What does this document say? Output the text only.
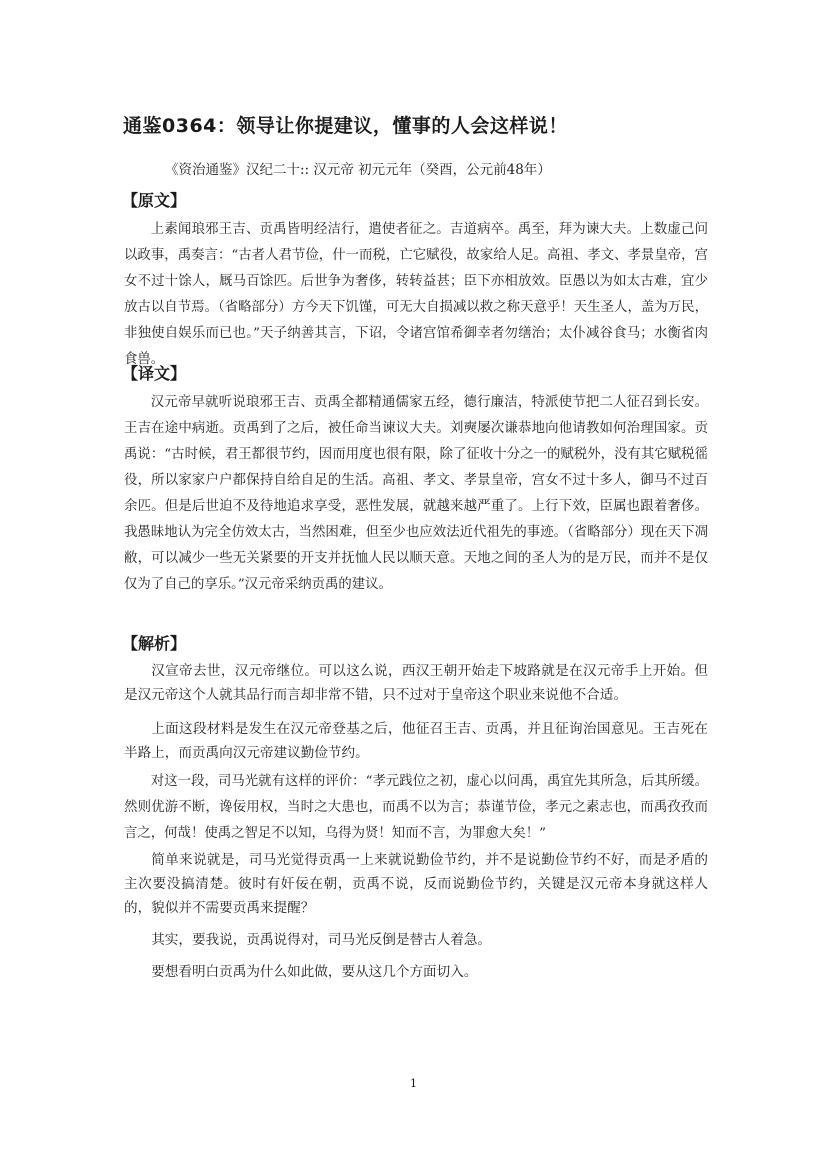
通鉴0364：领导让你提建议，懂事的人会这样说！

《资治通鉴》汉纪二十:: 汉元帝 初元元年（癸酉，公元前48年）

【原文】

上素闻琅邪王吉、贡禹皆明经洁行，遣使者征之。吉道病卒。禹至，拜为谏大夫。上数虚己问以政事，禹奏言：“古者人君节俭，什一而税，亡它赋役，故家给人足。高祖、孝文、孝景皇帝，宫女不过十馀人，厩马百馀匹。后世争为奢侈，转转益甚；臣下亦相放效。臣愚以为如太古难，宜少放古以自节焉。（省略部分）方今天下饥馑，可无大自损减以救之称天意乎！天生圣人，盖为万民，非独使自娱乐而已也。”天子纳善其言，下诏，令诸宫馆希御幸者勿缮治；太仆减谷食马；水衡省肉食兽。

【译文】

汉元帝早就听说琅邪王吉、贡禹全都精通儒家五经，德行廉洁，特派使节把二人征召到长安。王吉在途中病逝。贡禹到了之后，被任命当谏议大夫。刘奭屡次谦恭地向他请教如何治理国家。贡禹说：“古时候，君王都很节约，因而用度也很有限，除了征收十分之一的赋税外，没有其它赋税徭役，所以家家户户都保持自给自足的生活。高祖、孝文、孝景皇帝，宫女不过十多人，御马不过百余匹。但是后世迫不及待地追求享受，恶性发展，就越来越严重了。上行下效，臣属也跟着奢侈。我愚昧地认为完全仿效太古，当然困难，但至少也应效法近代祖先的事迹。（省略部分）现在天下凋敝，可以减少一些无关紧要的开支并抚恤人民以顺天意。天地之间的圣人为的是万民，而并不是仅仅为了自己的享乐。”汉元帝采纳贡禹的建议。

【解析】

汉宣帝去世，汉元帝继位。可以这么说，西汉王朝开始走下坡路就是在汉元帝手上开始。但是汉元帝这个人就其品行而言却非常不错，只不过对于皇帝这个职业来说他不合适。

上面这段材料是发生在汉元帝登基之后，他征召王吉、贡禹，并且征询治国意见。王吉死在半路上，而贡禹向汉元帝建议勤俭节约。

对这一段，司马光就有这样的评价：“孝元践位之初，虚心以问禹，禹宜先其所急，后其所缓。然则优游不断，谗佞用权，当时之大患也，而禹不以为言；恭谨节俭，孝元之素志也，而禹孜孜而言之，何哉！使禹之智足不以知，乌得为贤！知而不言，为罪愈大矣！”

简单来说就是，司马光觉得贡禹一上来就说勤俭节约，并不是说勤俭节约不好，而是矛盾的主次要没搞清楚。彼时有奸佞在朝，贡禹不说，反而说勤俭节约，关键是汉元帝本身就这样人的，貌似并不需要贡禹来提醒？

其实，要我说，贡禹说得对，司马光反倒是替古人着急。

要想看明白贡禹为什么如此做，要从这几个方面切入。

1
